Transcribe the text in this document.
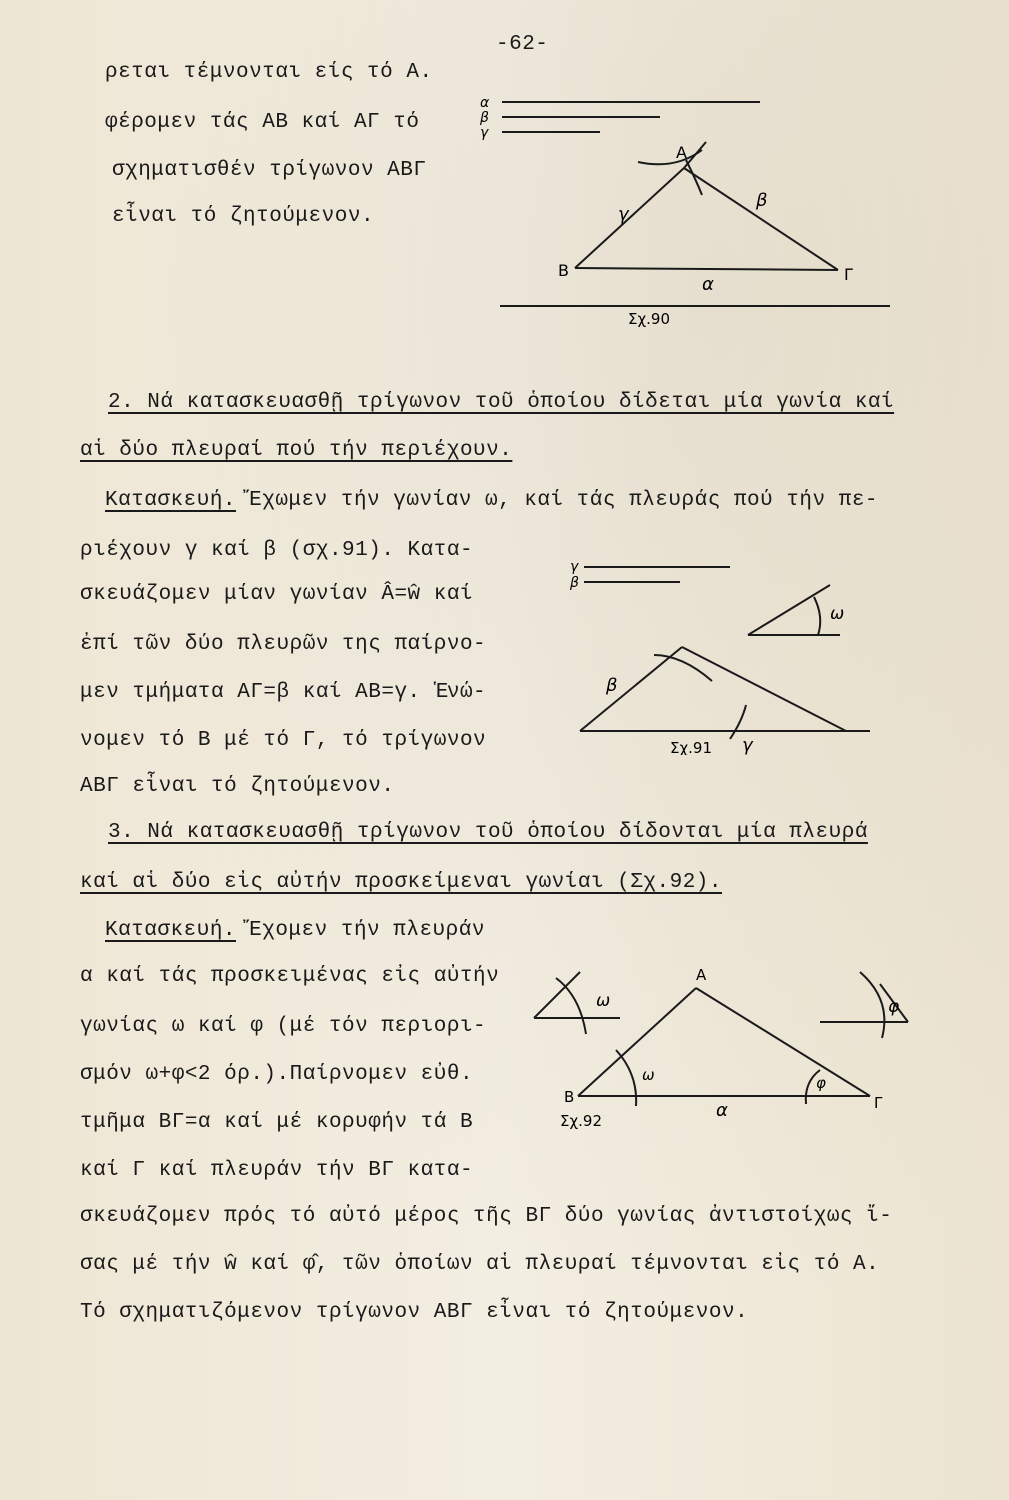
-62-
ρεται τέμνονται είς τό Α.
φέρομεν τάς ΑΒ καί ΑΓ τό
σχηματισθέν τρίγωνον ΑΒΓ
εἶναι τό ζητούμενον.
α
β
γ
Α
Β	Γ
β
γ
α
Σχ.90
2. Νά κατασκευασθῇ τρίγωνον τοῦ ὁποίου δίδεται μία γωνία καί
αἱ δύο πλευραί πού τήν περιέχουν.
Κατασκευή. Ἔχωμεν τήν γωνίαν ω, καί τάς πλευράς πού τήν πε-
ριέχουν γ καί β (σχ.91). Κατα-
σκευάζομεν μίαν γωνίαν Â=ŵ καί
ἐπί τῶν δύο πλευρῶν της παίρνο-
μεν τμήματα ΑΓ=β καί ΑΒ=γ. Ἑνώ-
νομεν τό Β μέ τό Γ, τό τρίγωνον
ΑΒΓ εἶναι τό ζητούμενον.
γ
β
ω
β
γ
Σχ.91
3. Νά κατασκευασθῇ τρίγωνον τοῦ ὁποίου δίδονται μία πλευρά
καί αἱ δύο εἰς αὐτήν προσκείμεναι γωνίαι (Σχ.92).
Κατασκευή. Ἔχομεν τήν πλευράν
α καί τάς προσκειμένας εἰς αὐτήν
γωνίας ω καί φ (μέ τόν περιορι-
σμόν ω+φ<2 όρ.).Παίρνομεν εὐθ.
τμῆμα ΒΓ=α καί μέ κορυφήν τά Β
καί Γ καί πλευράν τήν ΒΓ κατα-
σκευάζομεν πρός τό αὐτό μέρος τῆς ΒΓ δύο γωνίας ἀντιστοίχως ἴ-
σας μέ τήν ŵ καί φ̂, τῶν ὁποίων αἱ πλευραί τέμνονται εἰς τό Α.
Τό σχηματιζόμενον τρίγωνον ΑΒΓ εἶναι τό ζητούμενον.
ω	φ
Α
Β	Γ
ω	φ
α
Σχ.92
